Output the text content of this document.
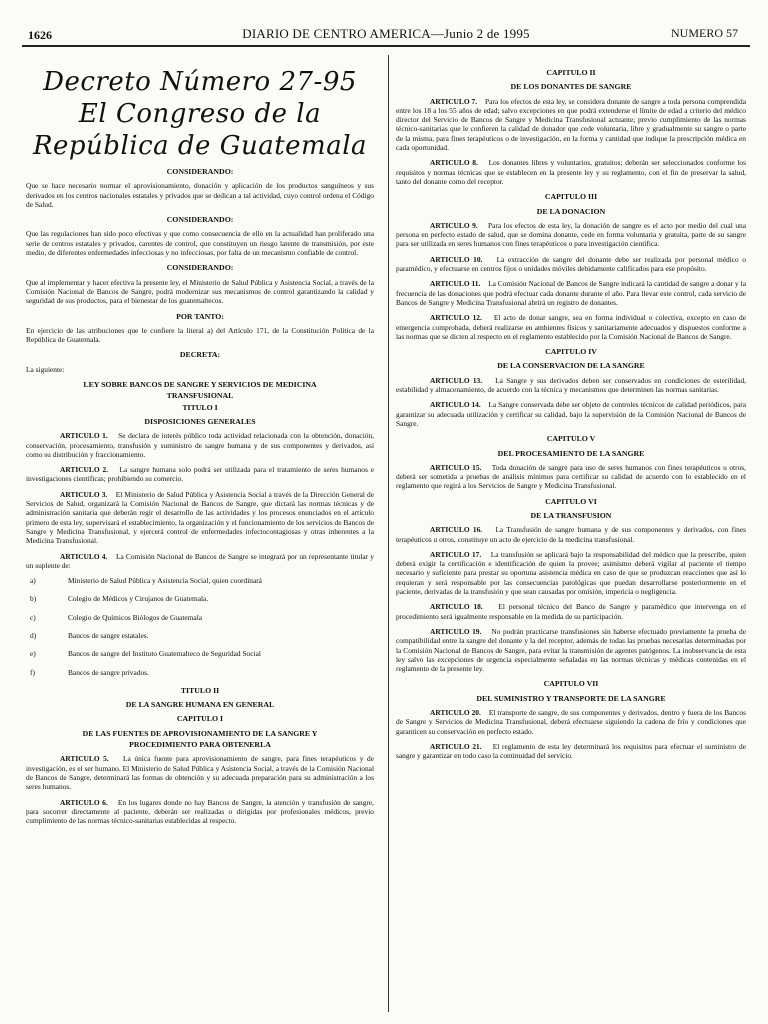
1626	DIARIO DE CENTRO AMERICA—Junio 2 de 1995	NUMERO 57
Decreto Número 27-95
El Congreso de la
República de Guatemala
CONSIDERANDO:

Que se hace necesario normar el aprovisionamiento, donación y aplicación de los productos sanguíneos y sus derivados en los centros nacionales estatales y privados que se dedican a tal actividad, cuyo control ordena el Código de Salud.

CONSIDERANDO:

Que las regulaciones han sido poco efectivas y que como consecuencia de ello en la actualidad han proliferado una serie de centros estatales y privados, carentes de control, que constituyen un riesgo latente de transmisión, por este medio, de diferentes enfermedades infecciosas y no infecciosas, por falta de un mecanismo confiable de control.

CONSIDERANDO:

Que al implementar y hacer efectiva la presente ley, el Ministerio de Salud Pública y Asistencia Social, a través de la Comisión Nacional de Bancos de Sangre, podrá modernizar sus mecanismos de control garantizando la calidad y seguridad de sus productos, para el bienestar de los guatemaltecos.

POR TANTO:

En ejercicio de las atribuciones que le confiere la literal a) del Artículo 171, de la Constitución Política de la República de Guatemala.

DECRETA:

La siguiente:

LEY SOBRE BANCOS DE SANGRE Y SERVICIOS DE MEDICINA
TRANSFUSIONAL
TITULO I
DISPOSICIONES GENERALES

ARTICULO 1. Se declara de interés público toda actividad relacionada con la obtención, donación, conservación, procesamiento, transfusión y suministro de sangre humana y de sus componentes y derivados, así como su distribución y fraccionamiento.

ARTICULO 2. La sangre humana solo podrá ser utilizada para el tratamiento de seres humanos e investigaciones científicas; prohibiendo su comercio.

ARTICULO 3. El Ministerio de Salud Pública y Asistencia Social a través de la Dirección General de Servicios de Salud, organizará la Comisión Nacional de Bancos de Sangre, que dictará las normas técnicas y de administración sanitaria que deberán regir el desarrollo de las actividades y los procesos enunciados en el artículo primero de esta ley, supervisará el establecimiento, la organización y el funcionamiento de los servicios de Bancos de Sangre y Medicina Transfusional, y ejercerá control de enfermedades infectocontagiosas y otras inherentes a la Medicina Transfusional.

ARTICULO 4. La Comisión Nacional de Bancos de Sangre se integrará por un representante titular y un suplente de:

a)	Ministerio de Salud Pública y Asistencia Social, quien coordinará
b)	Colegio de Médicos y Cirujanos de Guatemala.
c)	Colegio de Químicos Biólogos de Guatemala
d)	Bancos de sangre estatales.
e)	Bancos de sangre del Instituto Guatemalteco de Seguridad Social
f)	Bancos de sangre privados.
TITULO II
DE LA SANGRE HUMANA EN GENERAL
CAPITULO I
DE LAS FUENTES DE APROVISIONAMIENTO DE LA SANGRE Y
PROCEDIMIENTO PARA OBTENERLA

ARTICULO 5. La única fuente para aprovisionamiento de sangre, para fines terapéuticos y de investigación, es el ser humano. El Ministerio de Salud Pública y Asistencia Social, a través de la Comisión Nacional de Bancos de Sangre, determinará las formas de obtención y su adecuada preparación para su administración a los seres humanos.

ARTICULO 6. En los lugares donde no hay Bancos de Sangre, la atención y transfusión de sangre, para socorrer directamente al paciente, deberán ser realizadas o dirigidas por profesionales médicos, previo cumplimiento de las normas técnico-sanitarias establecidas al respecto.

CAPITULO II
DE LOS DONANTES DE SANGRE

ARTICULO 7. Para los efectos de esta ley, se considera donante de sangre a toda persona comprendida entre los 18 a los 55 años de edad; salvo excepciones en que podrá extenderse el límite de edad a criterio del médico director del Servicio de Bancos de Sangre y Medicina Transfusional actuante; previo cumplimiento de las normas técnico-sanitarias que le confieren la calidad de donador que cede voluntaria, libre y gradualmente su sangre o parte de la misma, para fines terapéuticos o de investigación, en la forma y cantidad que indique la prescripción médica en cada oportunidad.

ARTICULO 8. Los donantes libres y voluntarios, gratuitos; deberán ser seleccionados conforme los requisitos y normas técnicas que se establecen en la presente ley y su reglamento, con el fin de preservar la salud, tanto del donante como del receptor.

CAPITULO III
DE LA DONACION

ARTICULO 9. Para los efectos de esta ley, la donación de sangre es el acto por medio del cual una persona en perfecto estado de salud, que se domina donante, cede en forma voluntaria y gratuita, parte de su sangre para ser utilizada en seres humanos con fines terapéuticos o para investigación científica.

ARTICULO 10. La extracción de sangre del donante debe ser realizada por personal médico o paramédico, y efectuarse en centros fijos o unidades móviles debidamente calificados para ese propósito.

ARTICULO 11. La Comisión Nacional de Bancos de Sangre indicará la cantidad de sangre a donar y la frecuencia de las donaciones que podrá efectuar cada donante durante el año. Para llevar este control, cada servicio de Bancos de Sangre y Medicina Transfusional abrirá un registro de donantes.

ARTICULO 12. El acto de donar sangre, sea en forma individual o colectiva, excepto en caso de emergencia comprobada, deberá realizarse en ambientes físicos y sanitariamente adecuados y dispuestos conforme a las normas que se dicten al respecto en el reglamento establecido por la Comisión Nacional de Bancos de Sangre.

CAPITULO IV
DE LA CONSERVACION DE LA SANGRE

ARTICULO 13. La Sangre y sus derivados deben ser conservados en condiciones de esterilidad, estabilidad y almacenamiento, de acuerdo con la técnica y mecanismos que determinen las normas sanitarias.

ARTICULO 14. La Sangre conservada debe ser objeto de controles técnicos de calidad periódicos, para garantizar su adecuada utilización y certificar su calidad, bajo la supervisión de la Comisión Nacional de Bancos de Sangre.

CAPITULO V
DEL PROCESAMIENTO DE LA SANGRE

ARTICULO 15. Toda donación de sangre para uso de seres humanos con fines terapéuticos u otros, deberá ser sometida a pruebas de análisis mínimos para certificar su calidad de acuerdo con lo establecido en el reglamento que regirá a los Servicios de Sangre y Medicina Transfusional.

CAPITULO VI
DE LA TRANSFUSION

ARTICULO 16. La Transfusión de sangre humana y de sus componentes y derivados, con fines terapéuticos u otros, constituye un acto de ejercicio de la medicina transfusional.

ARTICULO 17. La transfusión se aplicará bajo la responsabilidad del médico que la prescribe, quien deberá exigir la certificación e identificación de quien la provee; asimismo deberá vigilar al paciente el tiempo necesario y suficiente para prestar su oportuna asistencia médica en caso de que se produzcan reacciones que así lo requieran y será responsable por las consecuencias patológicas que puedan desarrollarse posteriormente en el paciente, derivadas de la transfusión y que sean causadas por omisión, impericia o negligencia.

ARTICULO 18. El personal técnico del Banco de Sangre y paramédico que intervenga en el procedimiento será igualmente responsable en la medida de su participación.

ARTICULO 19. No podrán practicarse transfusiones sin haberse efectuado previamente la prueba de compatibilidad entre la sangre del donante y la del receptor, además de todas las pruebas necesarias determinadas por la Comisión Nacional de Bancos de Sangre, para evitar la transmisión de agentes patógenos. La inobservancia de esta ley salvo las excepciones de urgencia especialmente señaladas en las normas técnicas y médicas contenidas en el reglamento de la presente ley.

CAPITULO VII
DEL SUMINISTRO Y TRANSPORTE DE LA SANGRE

ARTICULO 20. El transporte de sangre, de sus componentes y derivados, dentro y fuera de los Bancos de Sangre y Servicios de Medicina Transfusional, deberá efectuarse siguiendo la cadena de frío y condiciones que garanticen su conservación en perfecto estado.

ARTICULO 21. El reglamento de esta ley determinará los requisitos para efectuar el suministro de sangre y garantizar en todo caso la continuidad del servicio.
